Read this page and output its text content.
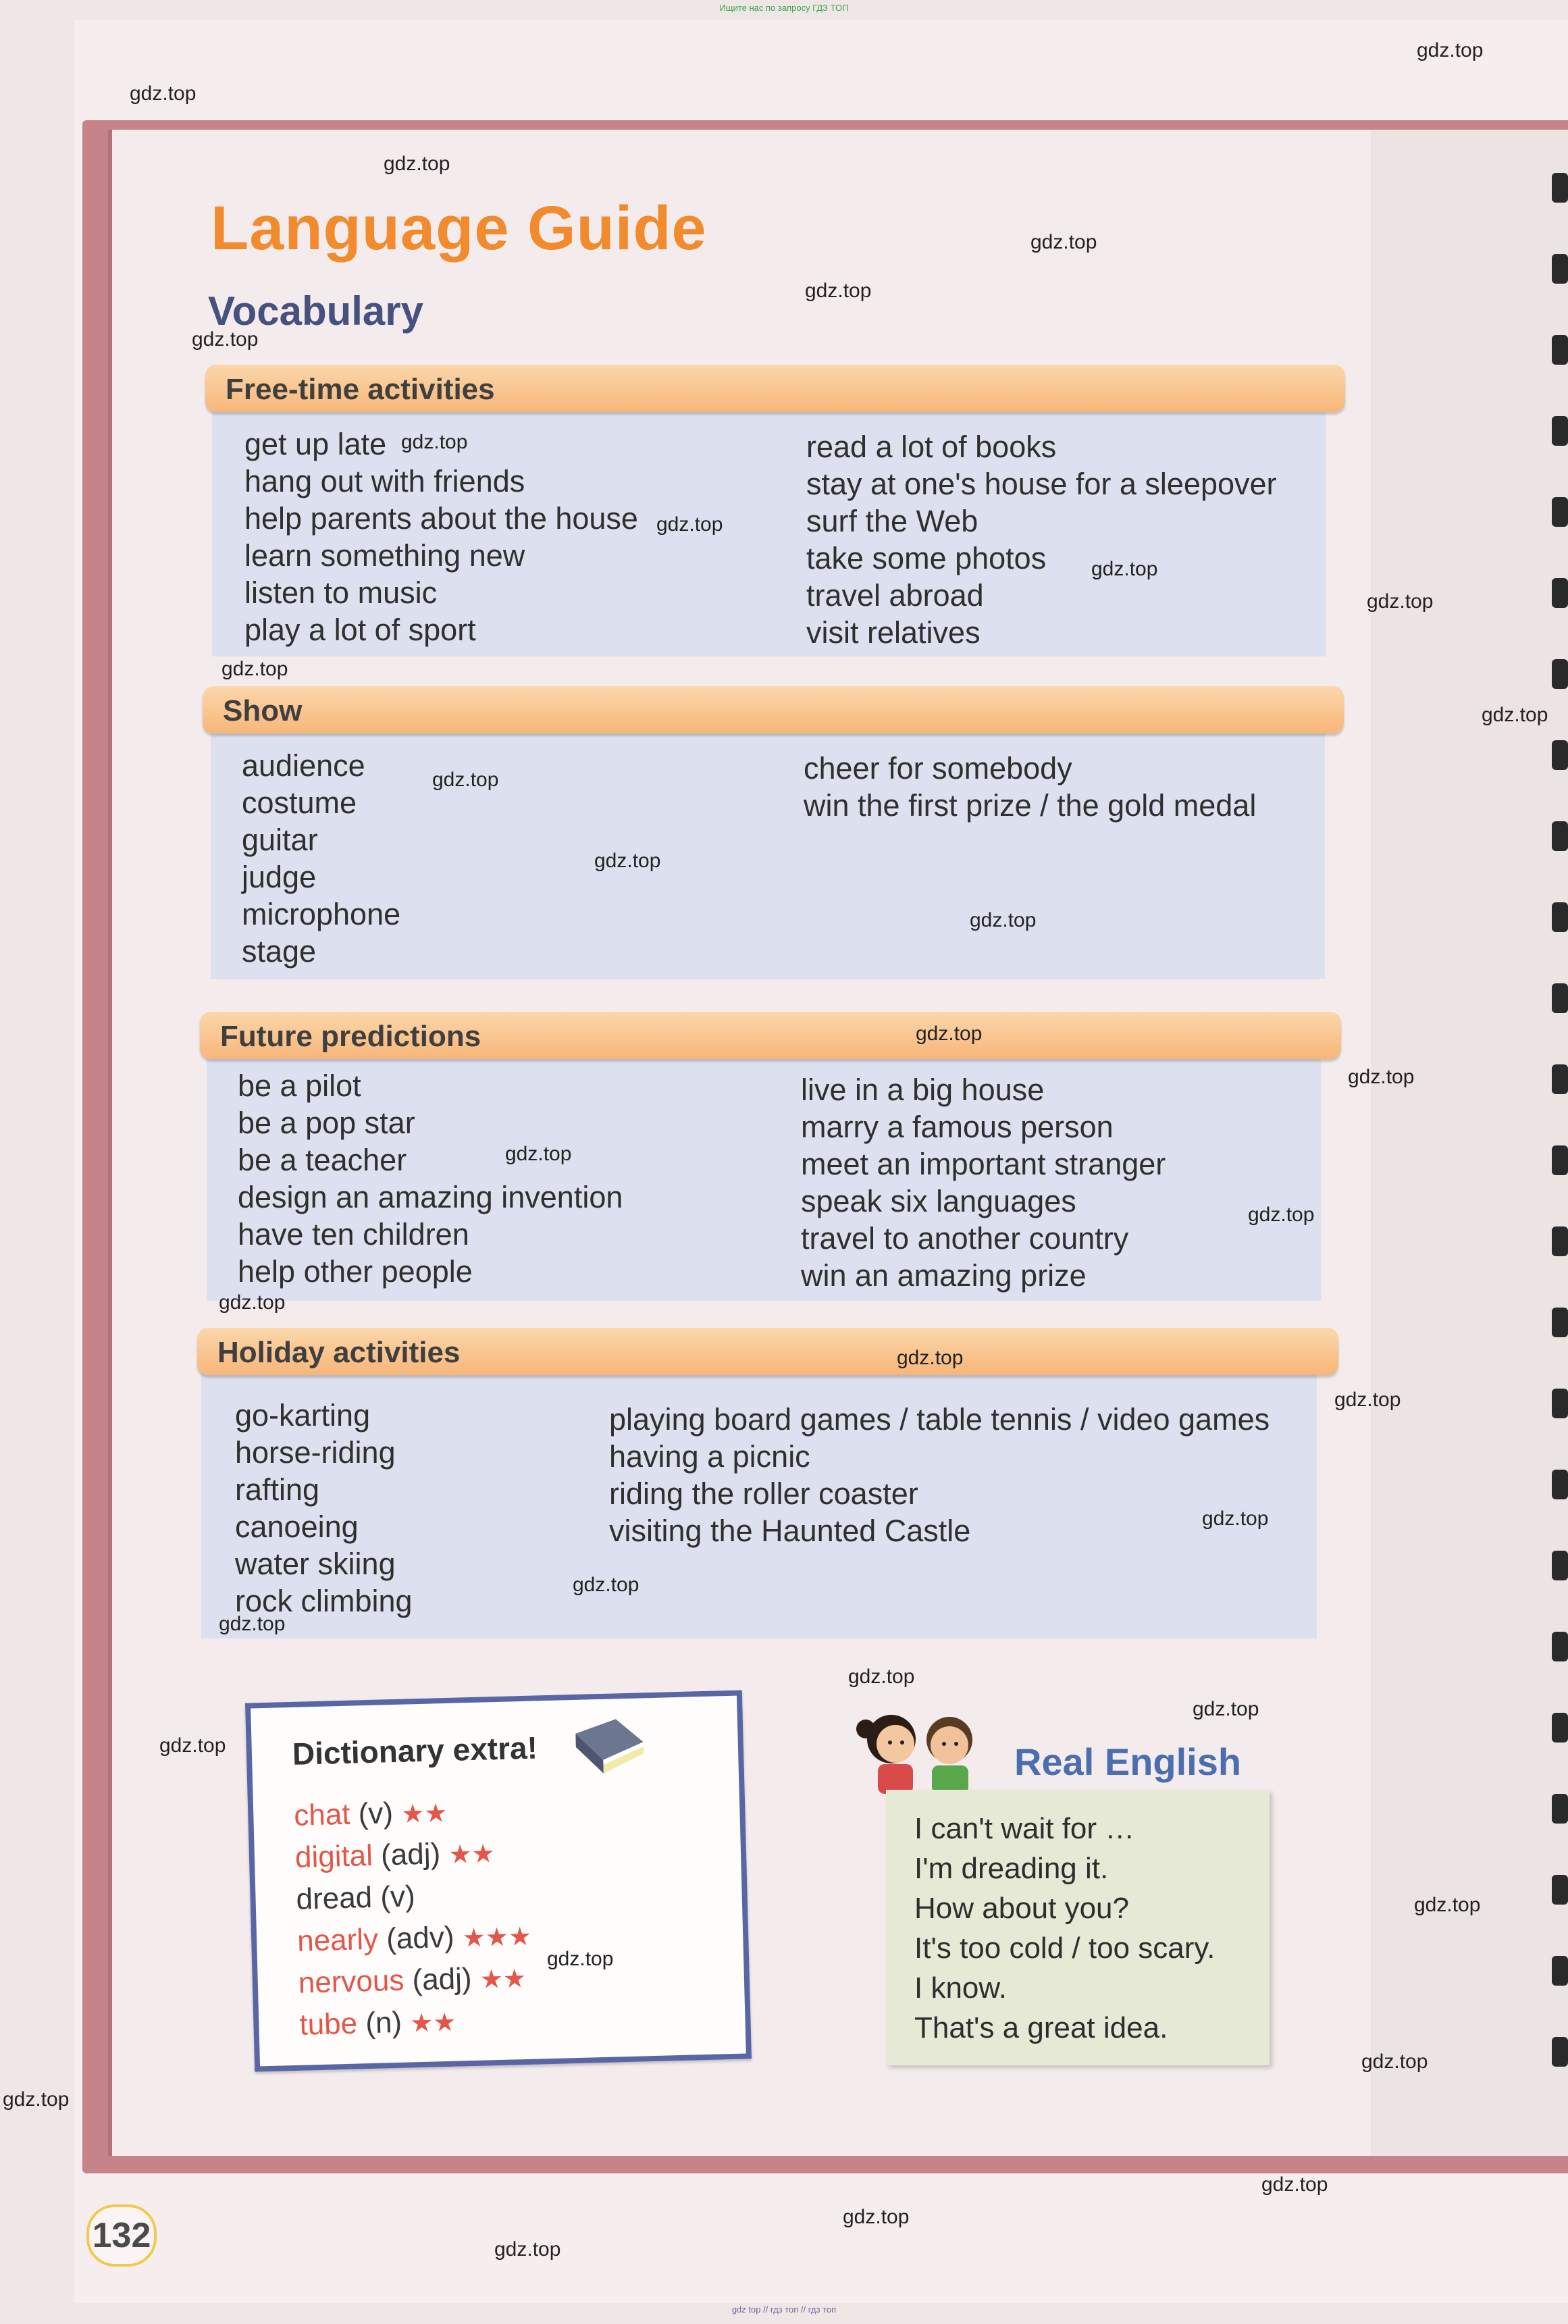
Ищите нас по запросу ГДЗ ТОП
Language Guide
Vocabulary
Free-time activities
get up late
hang out with friends
help parents about the house
learn something new
listen to music
play a lot of sport
read a lot of books
stay at one's house for a sleepover
surf the Web
take some photos
travel abroad
visit relatives
Show
audience
costume
guitar
judge
microphone
stage
cheer for somebody
win the first prize / the gold medal
Future predictions
be a pilot
be a pop star
be a teacher
design an amazing invention
have ten children
help other people
live in a big house
marry a famous person
meet an important stranger
speak six languages
travel to another country
win an amazing prize
Holiday activities
go-karting
horse-riding
rafting
canoeing
water skiing
rock climbing
playing board games / table tennis / video games
having a picnic
riding the roller coaster
visiting the Haunted Castle
Dictionary extra!
chat (v) ★★
digital (adj) ★★
dread (v)
nearly (adv) ★★★
nervous (adj) ★★
tube (n) ★★
Real English
I can't wait for …
I'm dreading it.
How about you?
It's too cold / too scary.
I know.
That's a great idea.
132
gdz.top
gdz.top
gdz.top
gdz.top
gdz.top
gdz.top
gdz.top
gdz.top
gdz.top
gdz.top
gdz.top
gdz.top
gdz.top
gdz.top
gdz.top
gdz.top
gdz.top
gdz.top
gdz.top
gdz.top
gdz.top
gdz.top
gdz.top
gdz.top
gdz.top
gdz.top
gdz.top
gdz.top
gdz.top
gdz.top
gdz.top
gdz.top
gdz.top
gdz.top
gdz.top
gdz top // гдз топ // гдз топ
